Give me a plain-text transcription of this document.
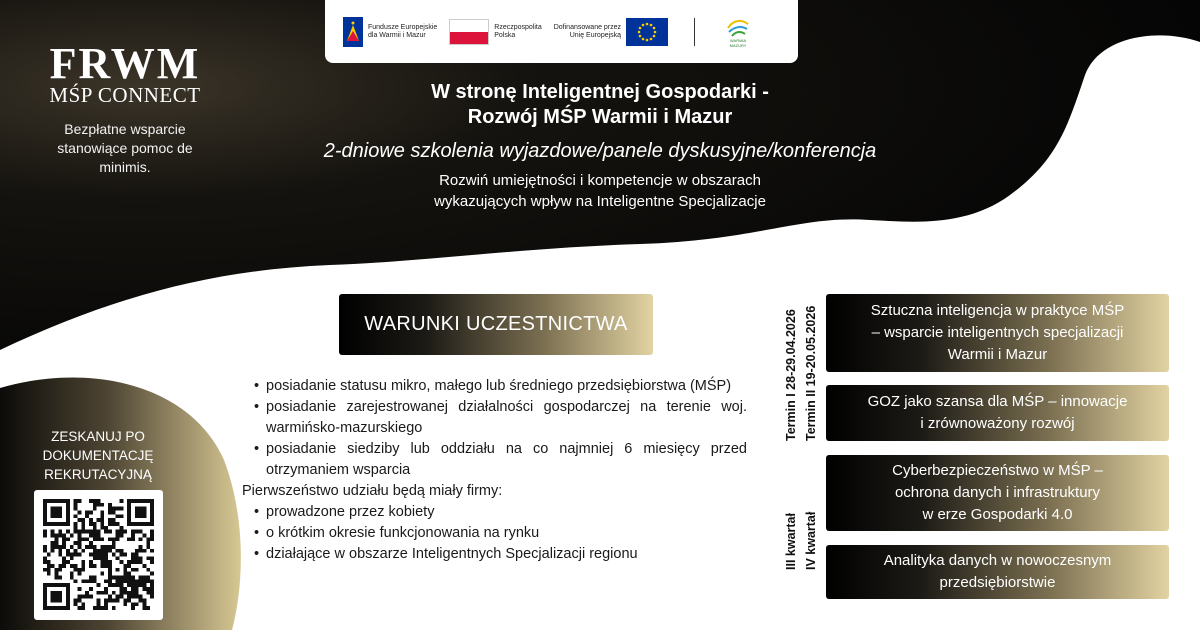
Fundusze Europejskie
dla Warmii i Mazur
Rzeczpospolita
Polska
Dofinansowane przez
Unię Europejską
WARMIA
MAZURY
FRWM
MŚP CONNECT
Bezpłatne wsparcie stanowiące pomoc de minimis.
W stronę Inteligentnej Gospodarki -
Rozwój MŚP Warmii i Mazur
2-dniowe szkolenia wyjazdowe/panele dyskusyjne/konferencja
Rozwiń umiejętności i kompetencje w obszarach
wykazujących wpływ na Inteligentne Specjalizacje
WARUNKI UCZESTNICTWA
• posiadanie statusu mikro, małego lub średniego przedsiębiorstwa (MŚP)
• posiadanie zarejestrowanej działalności gospodarczej na terenie woj. warmińsko-mazurskiego
• posiadanie siedziby lub oddziału na co najmniej 6 miesięcy przed otrzymaniem wsparcia
Pierwszeństwo udziału będą miały firmy:
• prowadzone przez kobiety
• o krótkim okresie funkcjonowania na rynku
• działające w obszarze Inteligentnych Specjalizacji regionu
Termin I 28-29.04.2026 Termin II 19-20.05.2026
III kwartał IV kwartał
Sztuczna inteligencja w praktyce MŚP
– wsparcie inteligentnych specjalizacji
Warmii i Mazur
GOZ jako szansa dla MŚP – innowacje
i zrównoważony rozwój
Cyberbezpieczeństwo w MŚP –
ochrona danych i infrastruktury
w erze Gospodarki 4.0
Analityka danych w nowoczesnym
przedsiębiorstwie
ZESKANUJ PO DOKUMENTACJĘ REKRUTACYJNĄ
